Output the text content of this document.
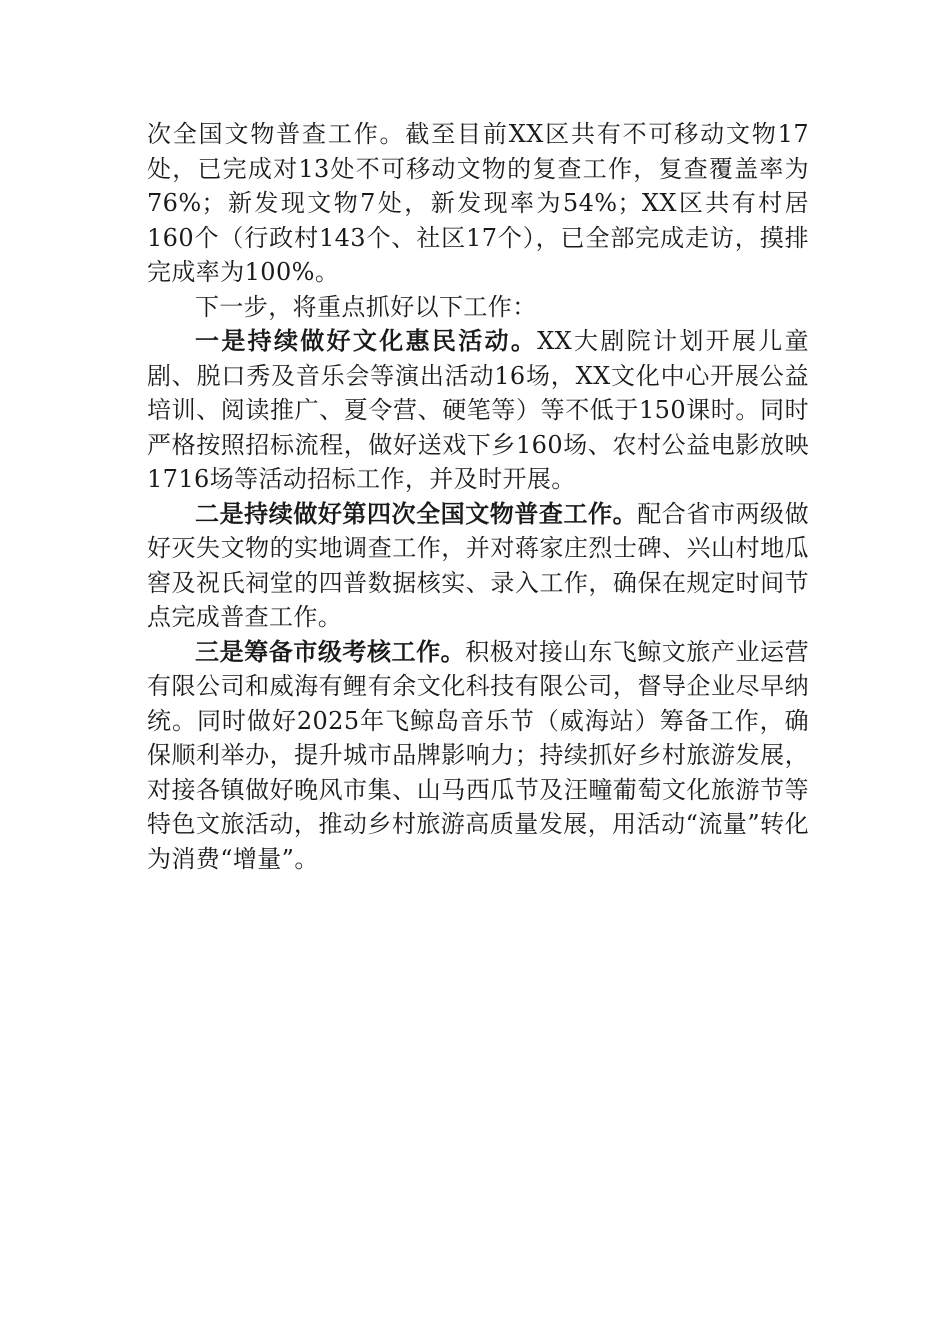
次全国文物普查工作。截至目前XX区共有不可移动文物17处，已完成对13处不可移动文物的复查工作，复查覆盖率为76%；新发现文物7处，新发现率为54%；XX区共有村居160个（行政村143个、社区17个），已全部完成走访，摸排完成率为100%。

下一步，将重点抓好以下工作：

一是持续做好文化惠民活动。XX大剧院计划开展儿童剧、脱口秀及音乐会等演出活动16场，XX文化中心开展公益培训、阅读推广、夏令营、硬笔等）等不低于150课时。同时严格按照招标流程，做好送戏下乡160场、农村公益电影放映1716场等活动招标工作，并及时开展。

二是持续做好第四次全国文物普查工作。配合省市两级做好灭失文物的实地调查工作，并对蒋家庄烈士碑、兴山村地瓜窖及祝氏祠堂的四普数据核实、录入工作，确保在规定时间节点完成普查工作。

三是筹备市级考核工作。积极对接山东飞鲸文旅产业运营有限公司和威海有鲤有余文化科技有限公司，督导企业尽早纳统。同时做好2025年飞鲸岛音乐节（威海站）筹备工作，确保顺利举办，提升城市品牌影响力；持续抓好乡村旅游发展，对接各镇做好晚风市集、山马西瓜节及汪疃葡萄文化旅游节等特色文旅活动，推动乡村旅游高质量发展，用活动“流量”转化为消费“增量”。
